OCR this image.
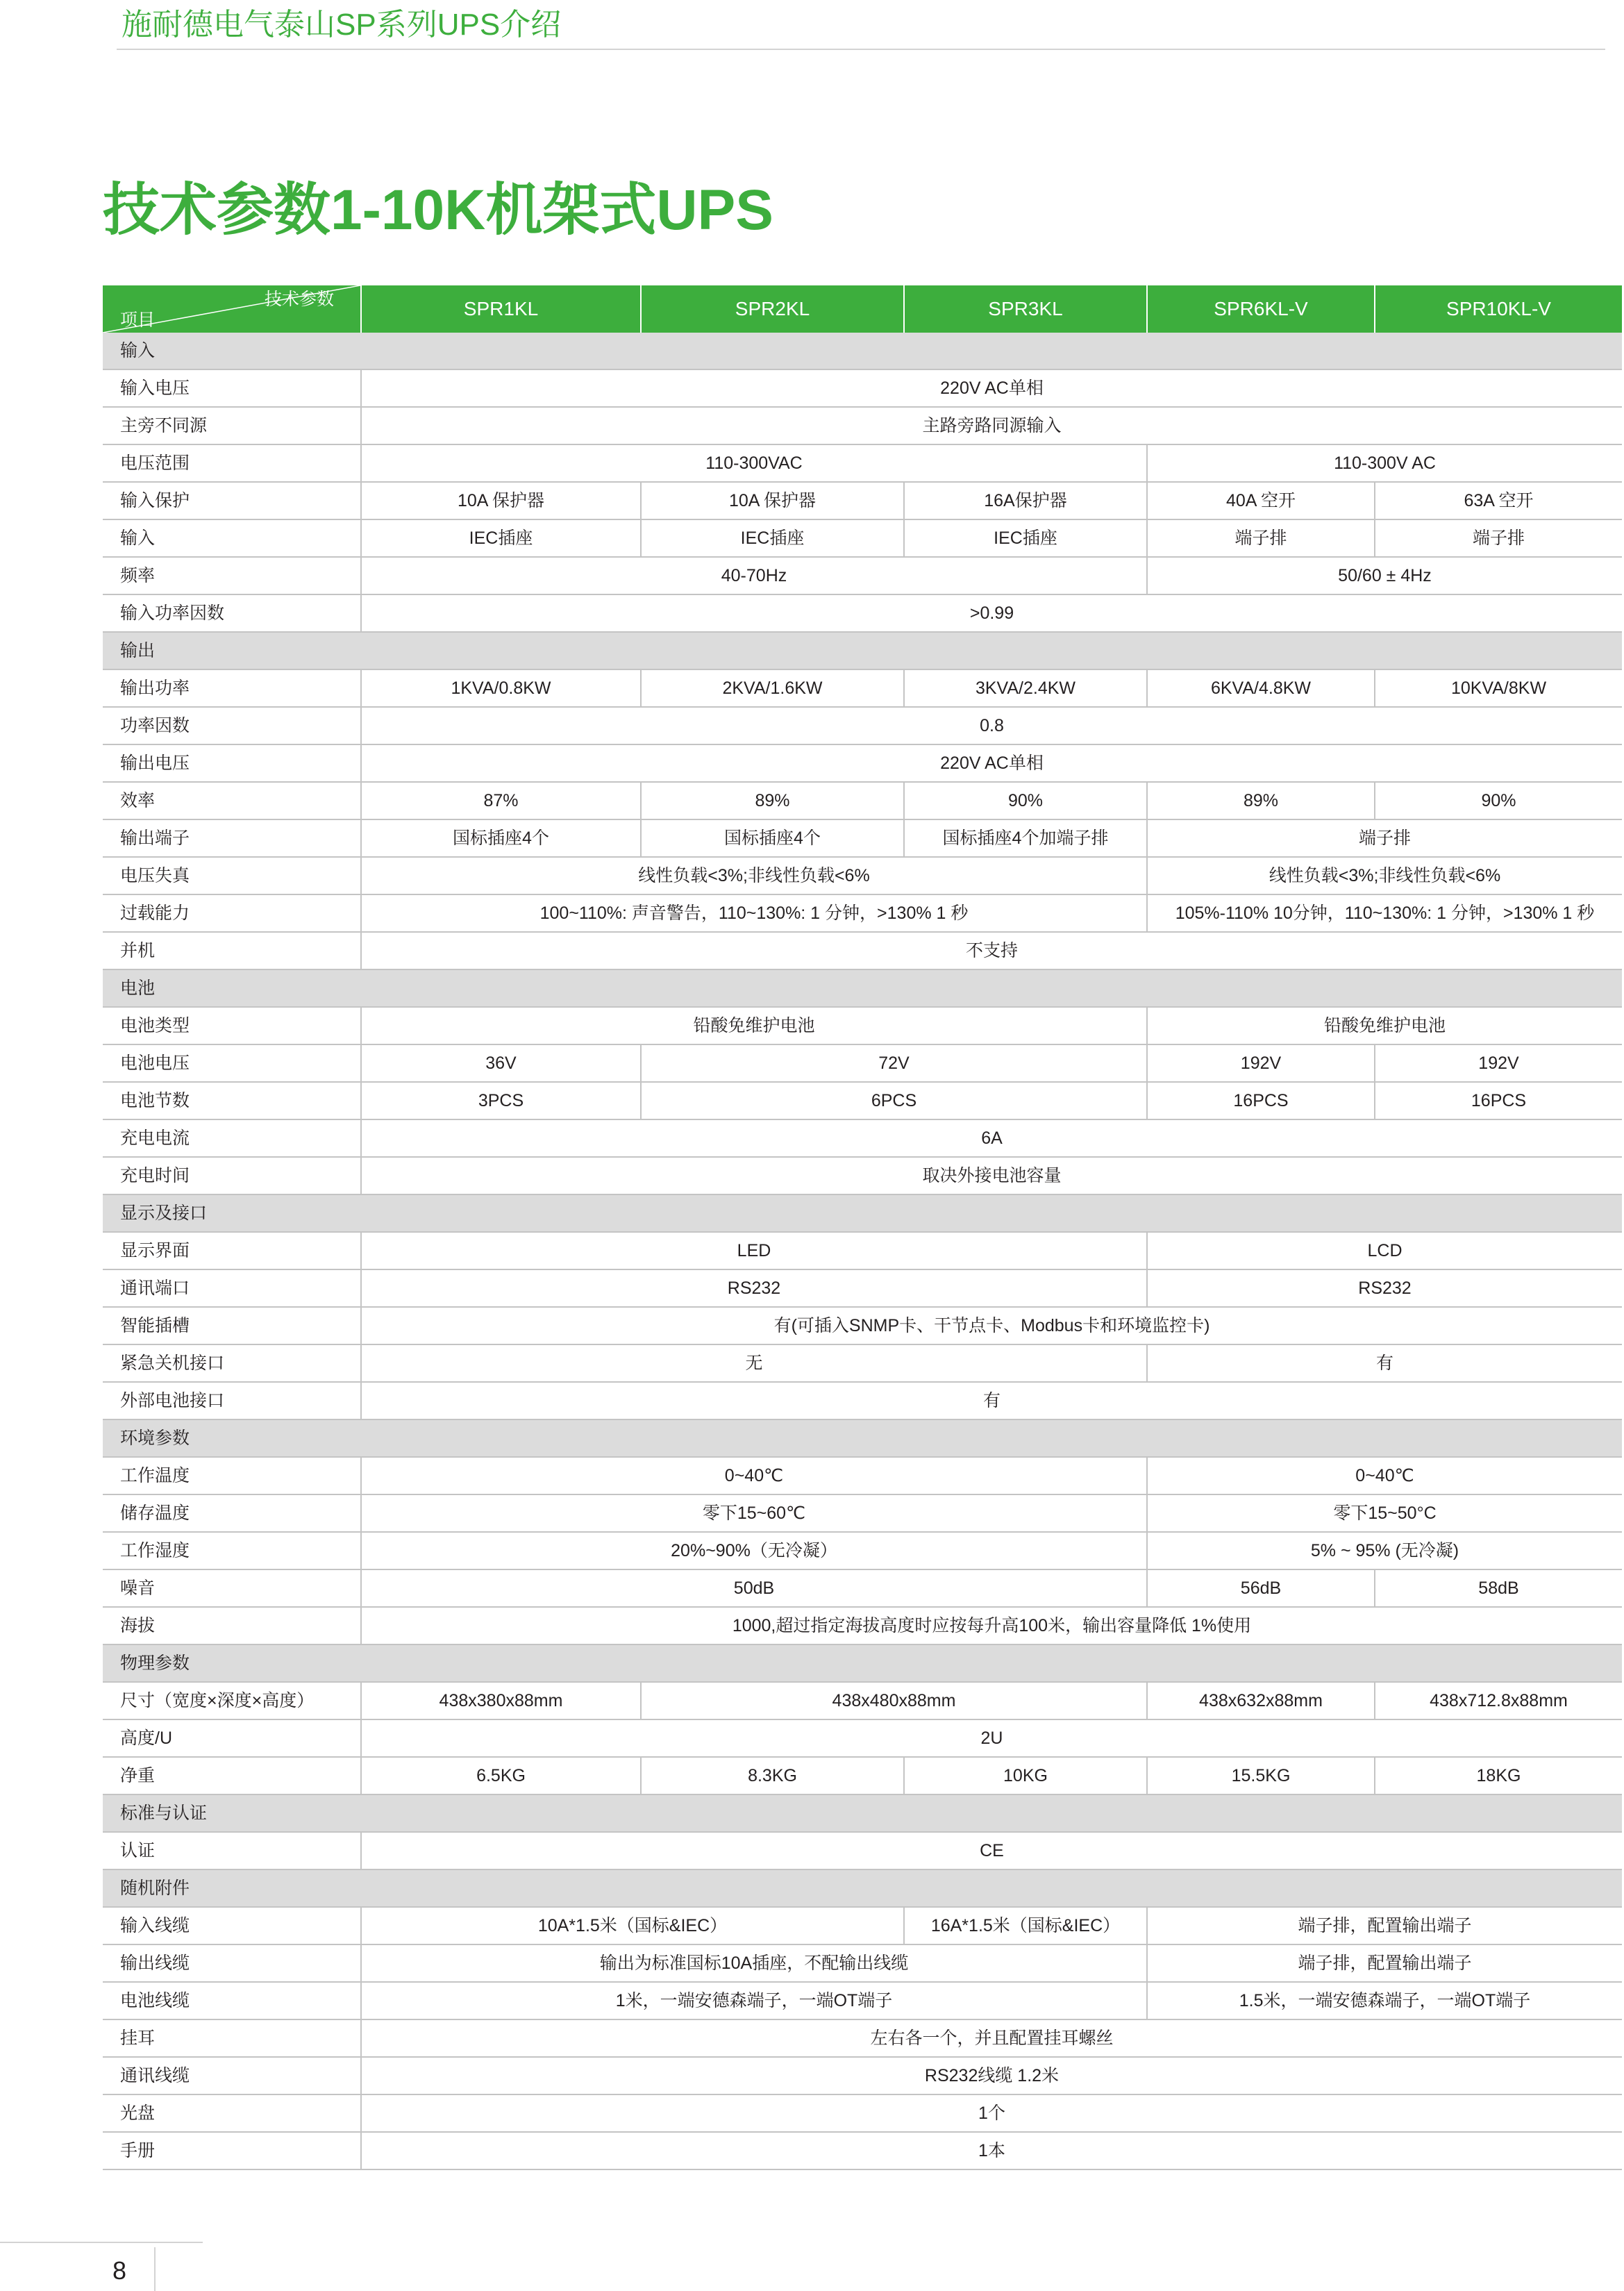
施耐德电气泰山SP系列UPS介绍
技术参数1-10K机架式UPS
技术参数
项目	SPR1KL	SPR2KL	SPR3KL	SPR6KL-V	SPR10KL-V
输入					
输入电压	220V AC单相				
主旁不同源	主路旁路同源输入				
电压范围	110-300VAC			110-300V AC	
输入保护	10A 保护器	10A 保护器	16A保护器	40A 空开	63A 空开
输入	IEC插座	IEC插座	IEC插座	端子排	端子排
频率	40-70Hz			50/60 ± 4Hz	
输入功率因数	>0.99				
输出					
输出功率	1KVA/0.8KW	2KVA/1.6KW	3KVA/2.4KW	6KVA/4.8KW	10KVA/8KW
功率因数	0.8				
输出电压	220V AC单相				
效率	87%	89%	90%	89%	90%
输出端子	国标插座4个	国标插座4个	国标插座4个加端子排	端子排	
电压失真	线性负载<3%;非线性负载<6%			线性负载<3%;非线性负载<6%	
过载能力	100~110%: 声音警告，110~130%: 1 分钟，>130% 1 秒			105%-110% 10分钟，110~130%: 1 分钟，>130% 1 秒	
并机	不支持				
电池					
电池类型	铅酸免维护电池			铅酸免维护电池	
电池电压	36V	72V		192V	192V
电池节数	3PCS	6PCS		16PCS	16PCS
充电电流	6A				
充电时间	取决外接电池容量				
显示及接口					
显示界面	LED			LCD	
通讯端口	RS232			RS232	
智能插槽	有(可插入SNMP卡、干节点卡、Modbus卡和环境监控卡)				
紧急关机接口	无			有	
外部电池接口	有				
环境参数					
工作温度	0~40℃			0~40℃	
储存温度	零下15~60℃			零下15~50°C	
工作湿度	20%~90%（无冷凝）			5% ~ 95% (无冷凝)	
噪音	50dB			56dB	58dB
海拔	1000,超过指定海拔高度时应按每升高100米，输出容量降低 1%使用				
物理参数					
尺寸（宽度×深度×高度）	438x380x88mm	438x480x88mm		438x632x88mm	438x712.8x88mm
高度/U	2U				
净重	6.5KG	8.3KG	10KG	15.5KG	18KG
标准与认证					
认证	CE				
随机附件					
输入线缆	10A*1.5米（国标&IEC）		16A*1.5米（国标&IEC）	端子排，配置输出端子	
输出线缆	输出为标准国标10A插座，不配输出线缆			端子排，配置输出端子	
电池线缆	1米，一端安德森端子，一端OT端子			1.5米，一端安德森端子，一端OT端子	
挂耳	左右各一个，并且配置挂耳螺丝				
通讯线缆	RS232线缆 1.2米				
光盘	1个				
手册	1本				
8
